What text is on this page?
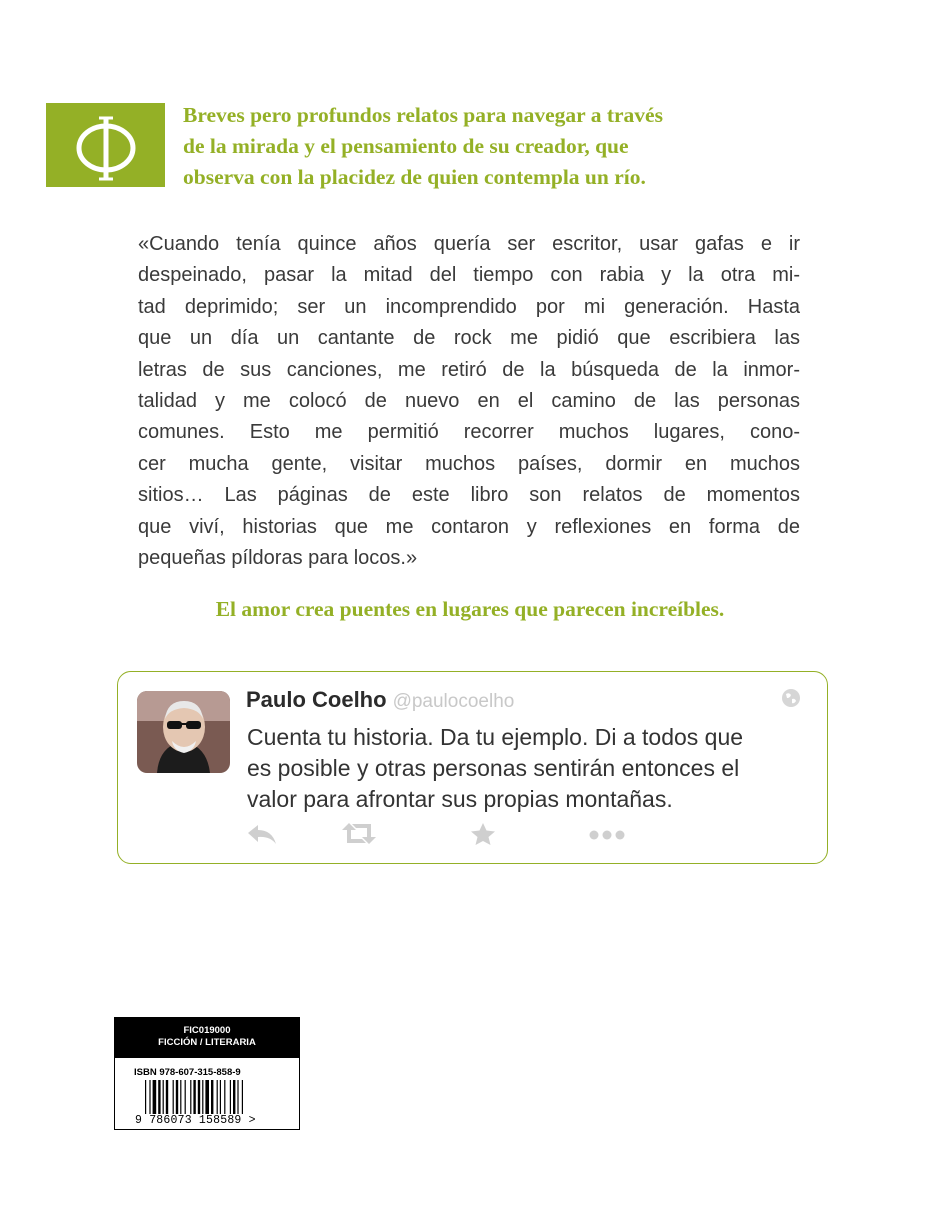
Breves pero profundos relatos para navegar a través
de la mirada y el pensamiento de su creador, que
observa con la placidez de quien contempla un río.
«Cuando tenía quince años quería ser escritor, usar gafas e ir
despeinado, pasar la mitad del tiempo con rabia y la otra mi-
tad deprimido; ser un incomprendido por mi generación. Hasta
que un día un cantante de rock me pidió que escribiera las
letras de sus canciones, me retiró de la búsqueda de la inmor-
talidad y me colocó de nuevo en el camino de las personas
comunes. Esto me permitió recorrer muchos lugares, cono-
cer mucha gente, visitar muchos países, dormir en muchos
sitios… Las páginas de este libro son relatos de momentos
que viví, historias que me contaron y reflexiones en forma de
pequeñas píldoras para locos.»
El amor crea puentes en lugares que parecen increíbles.
Paulo Coelho @paulocoelho
Cuenta tu historia. Da tu ejemplo. Di a todos que
es posible y otras personas sentirán entonces el
valor para afrontar sus propias montañas.
FIC019000
FICCIÓN / LITERARIA
ISBN 978-607-315-858-9
9 786073 158589 >
